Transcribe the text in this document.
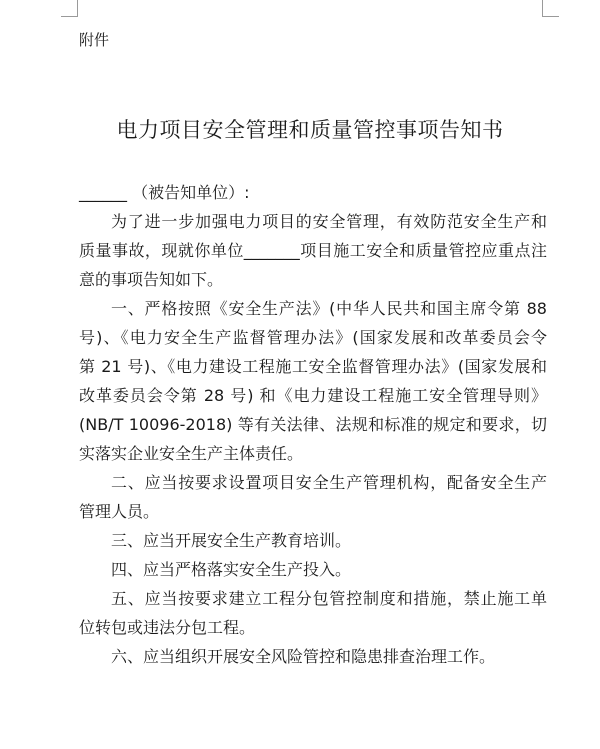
附件
电力项目安全管理和质量管控事项告知书
______ （被告知单位）:
为了进一步加强电力项目的安全管理，有效防范安全生产和
质量事故，现就你单位_______项目施工安全和质量管控应重点注
意的事项告知如下。
一、严格按照《安全生产法》(中华人民共和国主席令第 88
号)、《电力安全生产监督管理办法》(国家发展和改革委员会令
第 21 号)、《电力建设工程施工安全监督管理办法》(国家发展和
改革委员会令第 28 号) 和《电力建设工程施工安全管理导则》
(NB/T 10096-2018) 等有关法律、法规和标准的规定和要求，切
实落实企业安全生产主体责任。
二、应当按要求设置项目安全生产管理机构，配备安全生产
管理人员。
三、应当开展安全生产教育培训。
四、应当严格落实安全生产投入。
五、应当按要求建立工程分包管控制度和措施，禁止施工单
位转包或违法分包工程。
六、应当组织开展安全风险管控和隐患排查治理工作。
